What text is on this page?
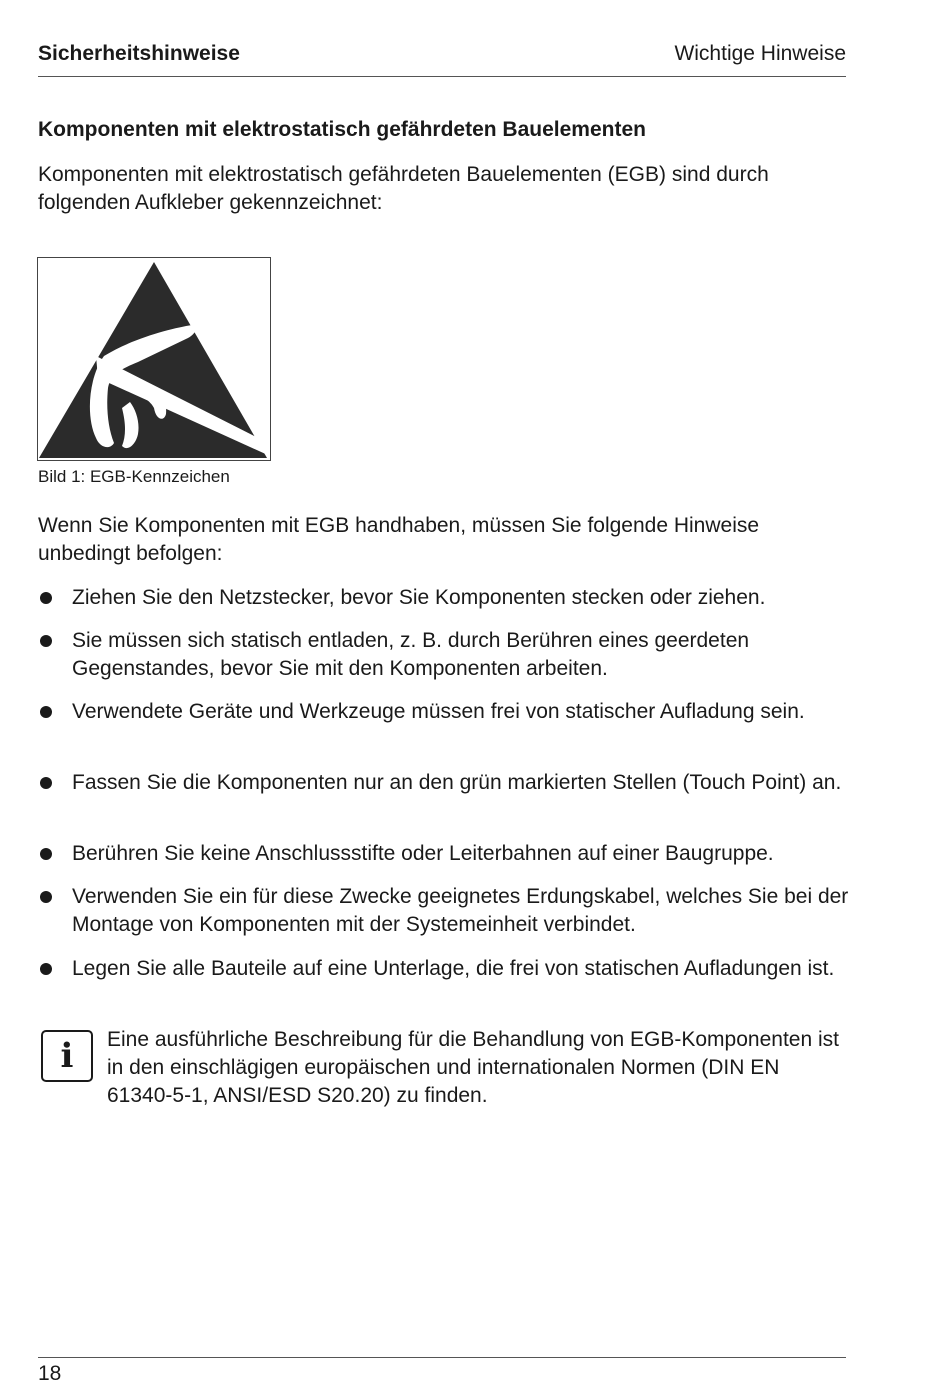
Sicherheitshinweise	Wichtige Hinweise
Komponenten mit elektrostatisch gefährdeten Bauelementen
Komponenten mit elektrostatisch gefährdeten Bauelementen (EGB) sind durch folgenden Aufkleber gekennzeichnet:
Bild 1: EGB-Kennzeichen
Wenn Sie Komponenten mit EGB handhaben, müssen Sie folgende Hinweise unbedingt befolgen:
Ziehen Sie den Netzstecker, bevor Sie Komponenten stecken oder ziehen.
Sie müssen sich statisch entladen, z. B. durch Berühren eines geerdeten Gegenstandes, bevor Sie mit den Komponenten arbeiten.
Verwendete Geräte und Werkzeuge müssen frei von statischer Aufladung sein.
Fassen Sie die Komponenten nur an den grün markierten Stellen (Touch Point) an.
Berühren Sie keine Anschlussstifte oder Leiterbahnen auf einer Baugruppe.
Verwenden Sie ein für diese Zwecke geeignetes Erdungskabel, welches Sie bei der Montage von Komponenten mit der Systemeinheit verbindet.
Legen Sie alle Bauteile auf eine Unterlage, die frei von statischen Aufladungen ist.
i	Eine ausführliche Beschreibung für die Behandlung von EGB-Komponenten ist in den einschlägigen europäischen und internationalen Normen (DIN EN 61340-5-1, ANSI/ESD S20.20) zu finden.
18
